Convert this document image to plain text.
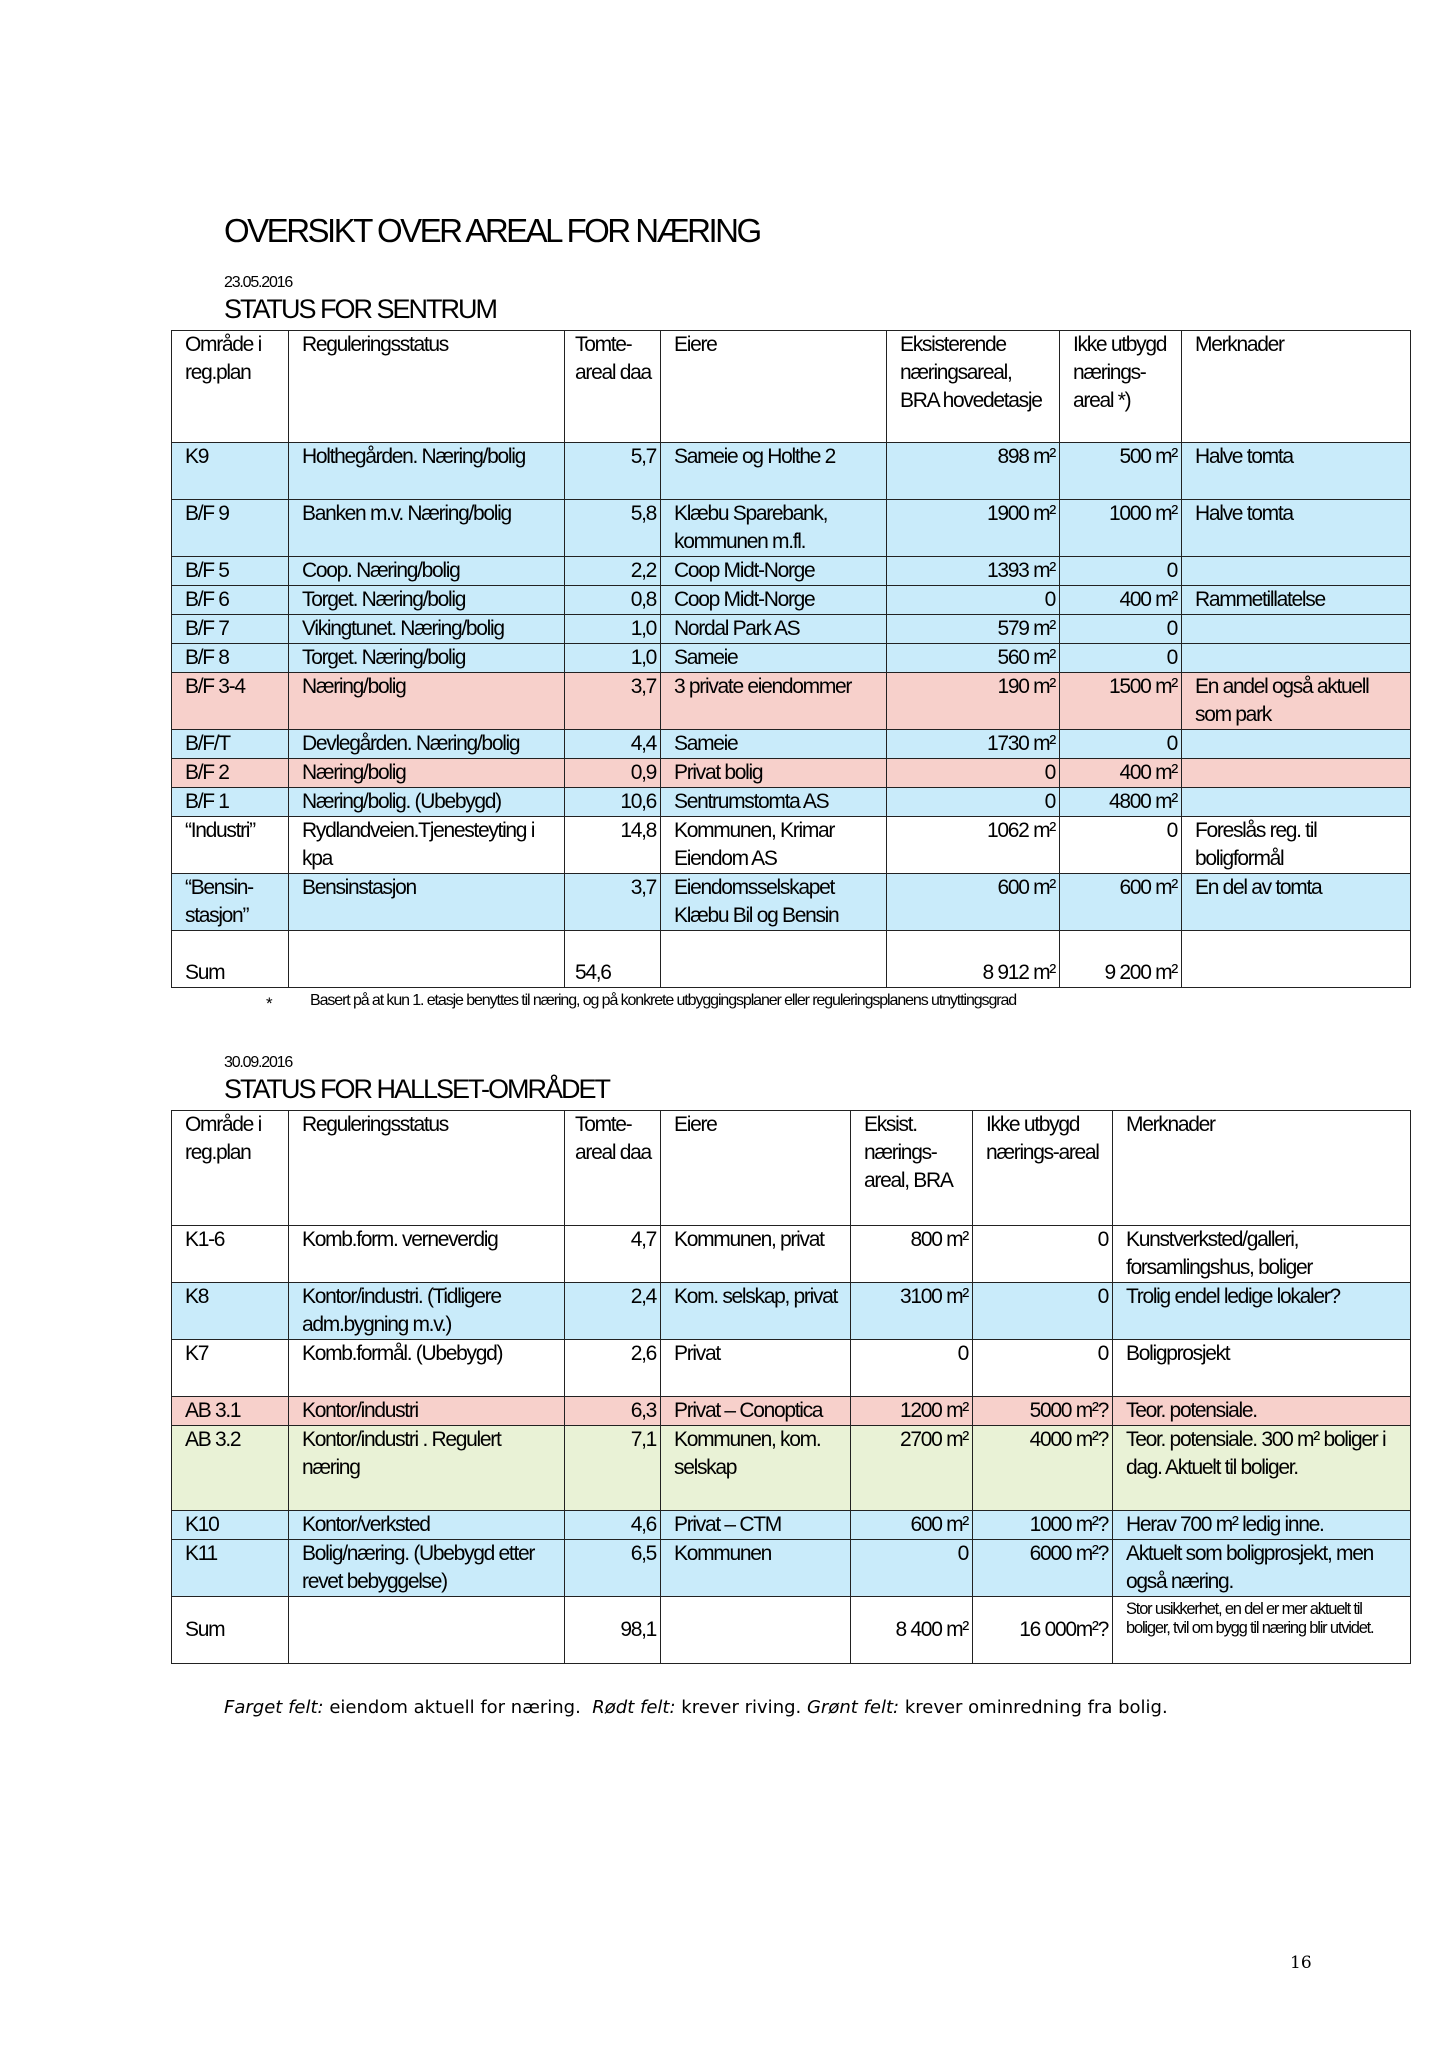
OVERSIKT OVER AREAL FOR NÆRING
23.05.2016
STATUS FOR SENTRUM
Område i reg.plan	Reguleringsstatus	Tomte-areal daa	Eiere	Eksisterende næringsareal, BRA hovedetasje	Ikke utbygd nærings-areal *)	Merknader
K9	Holthegården. Næring/bolig	5,7	Sameie og Holthe 2	898 m²	500 m²	Halve tomta
B/F 9	Banken m.v. Næring/bolig	5,8	Klæbu Sparebank, kommunen m.fl.	1900 m²	1000 m²	Halve tomta
B/F 5	Coop. Næring/bolig	2,2	Coop Midt-Norge	1393 m²	0	
B/F 6	Torget. Næring/bolig	0,8	Coop Midt-Norge	0	400 m²	Rammetillatelse
B/F 7	Vikingtunet. Næring/bolig	1,0	Nordal Park AS	579 m²	0	
B/F 8	Torget. Næring/bolig	1,0	Sameie	560 m²	0	
B/F 3-4	Næring/bolig	3,7	3 private eiendommer	190 m²	1500 m²	En andel også aktuell som park
B/F/T	Devlegården. Næring/bolig	4,4	Sameie	1730 m²	0	
B/F 2	Næring/bolig	0,9	Privat bolig	0	400 m²	
B/F 1	Næring/bolig. (Ubebygd)	10,6	Sentrumstomta AS	0	4800 m²	
“Industri”	Rydlandveien.Tjenesteyting i kpa	14,8	Kommunen, Krimar Eiendom AS	1062 m²	0	Foreslås reg. til boligformål
“Bensin-stasjon”	Bensinstasjon	3,7	Eiendomsselskapet Klæbu Bil og Bensin	600 m²	600 m²	En del av tomta
Sum		54,6		8 912 m²	9 200 m²	
* Basert på at kun 1. etasje benyttes til næring, og på konkrete utbyggingsplaner eller reguleringsplanens utnyttingsgrad
30.09.2016
STATUS FOR HALLSET-OMRÅDET
Område i reg.plan	Reguleringsstatus	Tomte-areal daa	Eiere	Eksist. nærings-areal, BRA	Ikke utbygd nærings-areal	Merknader
K1-6	Komb.form. verneverdig	4,7	Kommunen, privat	800 m²	0	Kunstverksted/galleri, forsamlingshus, boliger
K8	Kontor/industri. (Tidligere adm.bygning m.v.)	2,4	Kom. selskap, privat	3100 m²	0	Trolig endel ledige lokaler?
K7	Komb.formål. (Ubebygd)	2,6	Privat	0	0	Boligprosjekt
AB 3.1	Kontor/industri	6,3	Privat – Conoptica	1200 m²	5000 m²?	Teor. potensiale.
AB 3.2	Kontor/industri . Regulert næring	7,1	Kommunen, kom. selskap	2700 m²	4000 m²?	Teor. potensiale. 300 m² boliger i dag. Aktuelt til boliger.
K10	Kontor/verksted	4,6	Privat – CTM	600 m²	1000 m²?	Herav 700 m² ledig inne.
K11	Bolig/næring. (Ubebygd etter revet bebyggelse)	6,5	Kommunen	0	6000 m²?	Aktuelt som boligprosjekt, men også næring.
Sum		98,1		8 400 m²	16 000m²?	Stor usikkerhet, en del er mer aktuelt til boliger, tvil om bygg til næring blir utvidet.
Farget felt: eiendom aktuell for næring. Rødt felt: krever riving. Grønt felt: krever ominredning fra bolig.
16
